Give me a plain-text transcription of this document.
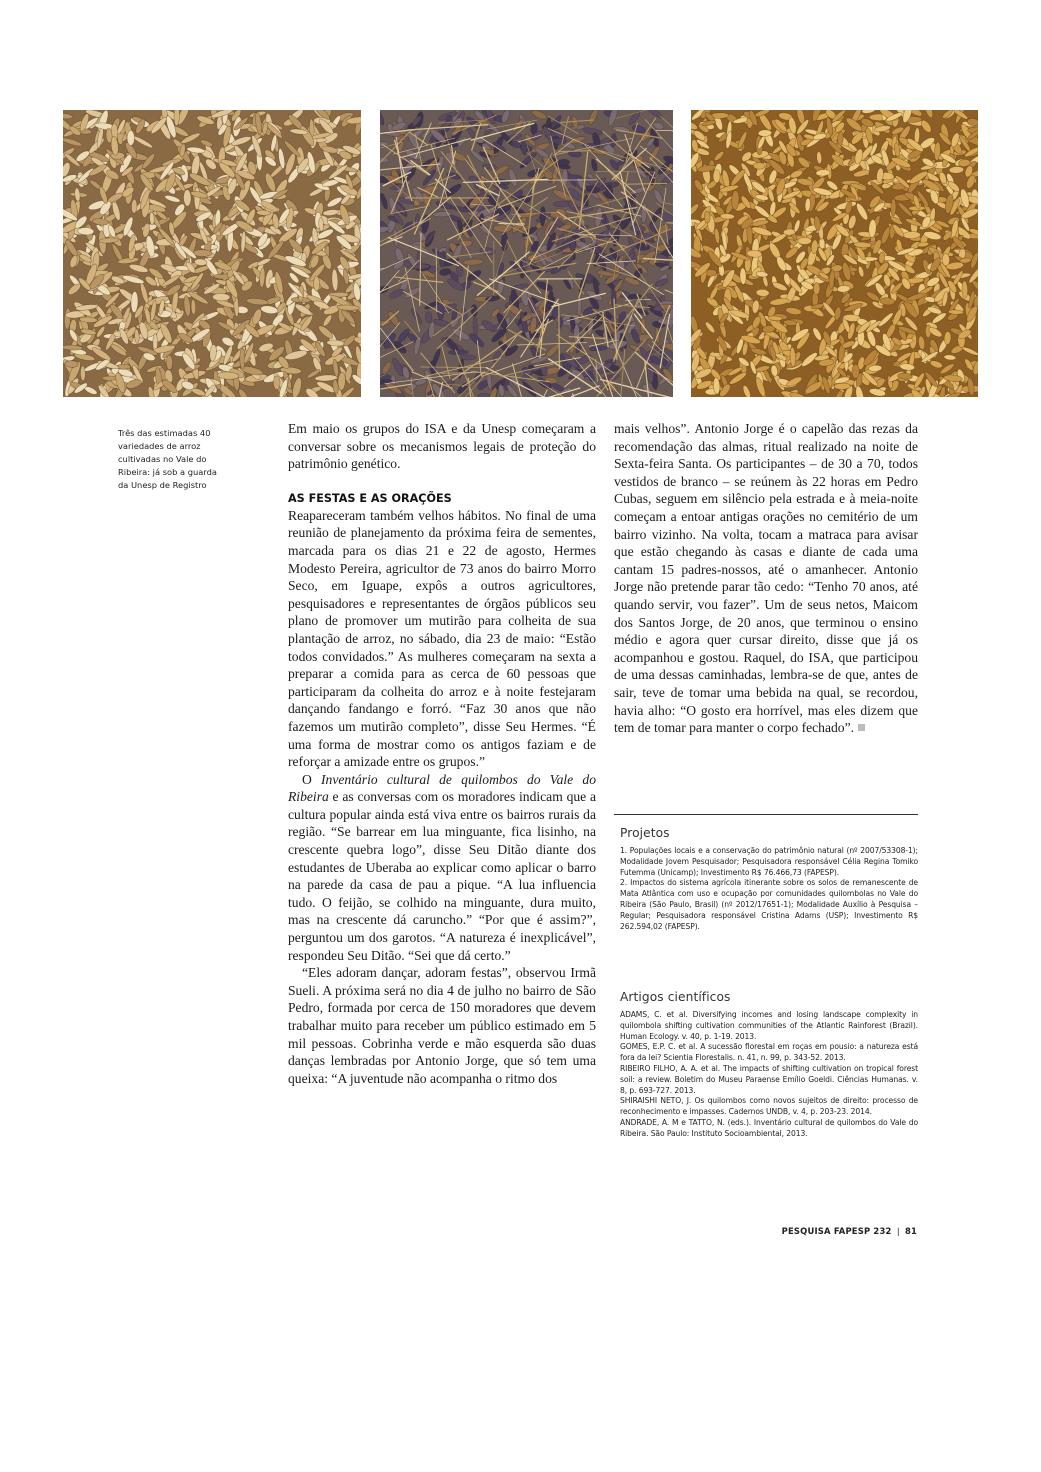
Três das estimadas 40 variedades de arroz cultivadas no Vale do Ribeira: já sob a guarda da Unesp de Registro

Em maio os grupos do ISA e da Unesp começaram a conversar sobre os mecanismos legais de proteção do patrimônio genético.

AS FESTAS E AS ORAÇÕES

Reapareceram também velhos hábitos. No final de uma reunião de planejamento da próxima feira de sementes, marcada para os dias 21 e 22 de agosto, Hermes Modesto Pereira, agricultor de 73 anos do bairro Morro Seco, em Iguape, expôs a outros agricultores, pesquisadores e representantes de órgãos públicos seu plano de promover um mutirão para colheita de sua plantação de arroz, no sábado, dia 23 de maio: “Estão todos convidados.” As mulheres começaram na sexta a preparar a comida para as cerca de 60 pessoas que participaram da colheita do arroz e à noite festejaram dançando fandango e forró. “Faz 30 anos que não fazemos um mutirão completo”, disse Seu Hermes. “É uma forma de mostrar como os antigos faziam e de reforçar a amizade entre os grupos.”

O Inventário cultural de quilombos do Vale do Ribeira e as conversas com os moradores indicam que a cultura popular ainda está viva entre os bairros rurais da região. “Se barrear em lua minguante, fica lisinho, na crescente quebra logo”, disse Seu Ditão diante dos estudantes de Uberaba ao explicar como aplicar o barro na parede da casa de pau a pique. “A lua influencia tudo. O feijão, se colhido na minguante, dura muito, mas na crescente dá caruncho.” “Por que é assim?”, perguntou um dos garotos. “A natureza é inexplicável”, respondeu Seu Ditão. “Sei que dá certo.”

“Eles adoram dançar, adoram festas”, observou Irmã Sueli. A próxima será no dia 4 de julho no bairro de São Pedro, formada por cerca de 150 moradores que devem trabalhar muito para receber um público estimado em 5 mil pessoas. Cobrinha verde e mão esquerda são duas danças lembradas por Antonio Jorge, que só tem uma queixa: “A juventude não acompanha o ritmo dos

mais velhos”. Antonio Jorge é o capelão das rezas da recomendação das almas, ritual realizado na noite de Sexta-feira Santa. Os participantes – de 30 a 70, todos vestidos de branco – se reúnem às 22 horas em Pedro Cubas, seguem em silêncio pela estrada e à meia-noite começam a entoar antigas orações no cemitério de um bairro vizinho. Na volta, tocam a matraca para avisar que estão chegando às casas e diante de cada uma cantam 15 padres-nossos, até o amanhecer. Antonio Jorge não pretende parar tão cedo: “Tenho 70 anos, até quando servir, vou fazer”. Um de seus netos, Maicom dos Santos Jorge, de 20 anos, que terminou o ensino médio e agora quer cursar direito, disse que já os acompanhou e gostou. Raquel, do ISA, que participou de uma dessas caminhadas, lembra-se de que, antes de sair, teve de tomar uma bebida na qual, se recordou, havia alho: “O gosto era horrível, mas eles dizem que tem de tomar para manter o corpo fechado”.

Projetos

1. Populações locais e a conservação do patrimônio natural (nº 2007/53308-1); Modalidade Jovem Pesquisador; Pesquisadora responsável Célia Regina Tomiko Futemma (Unicamp); Investimento R$ 76.466,73 (FAPESP).

2. Impactos do sistema agrícola itinerante sobre os solos de remanescente de Mata Atlântica com uso e ocupação por comunidades quilombolas no Vale do Ribeira (São Paulo, Brasil) (nº 2012/17651-1); Modalidade Auxílio à Pesquisa – Regular; Pesquisadora responsável Cristina Adams (USP); Investimento R$ 262.594,02 (FAPESP).

Artigos científicos

ADAMS, C. et al. Diversifying incomes and losing landscape complexity in quilombola shifting cultivation communities of the Atlantic Rainforest (Brazil). Human Ecology. v. 40, p. 1-19. 2013.

GOMES, E.P. C. et al. A sucessão florestal em roças em pousio: a natureza está fora da lei? Scientia Florestalis. n. 41, n. 99, p. 343-52. 2013.

RIBEIRO FILHO, A. A. et al. The impacts of shifting cultivation on tropical forest soil: a review. Boletim do Museu Paraense Emílio Goeldi. Ciências Humanas. v. 8, p. 693-727. 2013.

SHIRAISHI NETO, J. Os quilombos como novos sujeitos de direito: processo de reconhecimento e impasses. Cadernos UNDB, v. 4, p. 203-23. 2014.

ANDRADE, A. M e TATTO, N. (eds.). Inventário cultural de quilombos do Vale do Ribeira. São Paulo: Instituto Socioambiental, 2013.

PESQUISA FAPESP 232 ❘ 81
